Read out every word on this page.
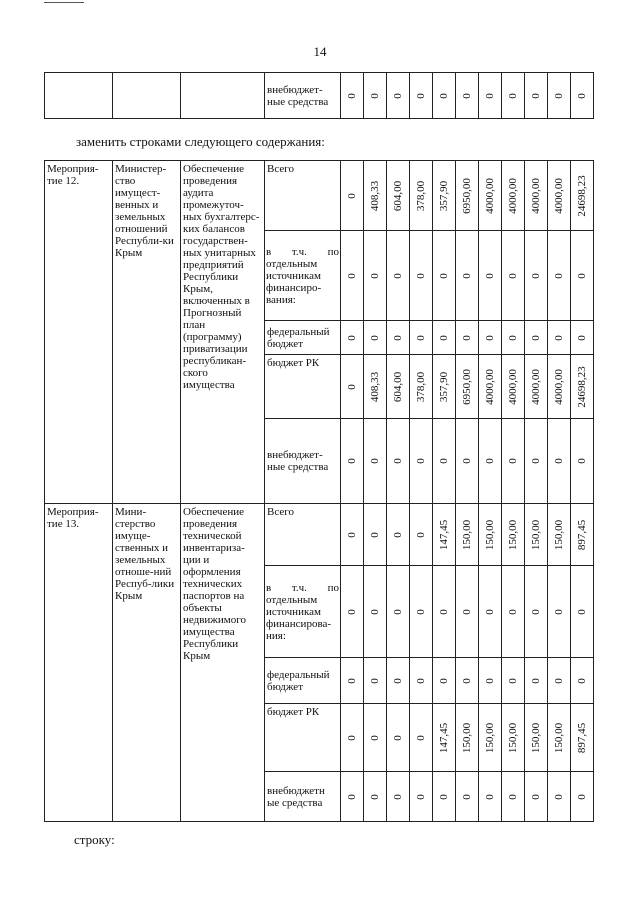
14
			внебюджет-ные средства	0	0	0	0	0	0	0	0	0	0	0
заменить строками следующего содержания:
Мероприя-тие 12.	Министер-ство имущест-венных и земельных отношений Республи-ки Крым	Обеспечение проведения аудита промежуточ-ных бухгалтерс-ких балансов государствен-ных унитарных предприятий Республики Крым, включенных в Прогнозный план (программу) приватизации республикан-ского имущества	Всего	0	408,33	604,00	378,00	357,90	6950,00	4000,00	4000,00	4000,00	4000,00	24698,23

			в т.ч. по отдельным источникам финансиро-вания:	0	0	0	0	0	0	0	0	0	0	0

			федеральный бюджет	0	0	0	0	0	0	0	0	0	0	0

			бюджет РК	0	408,33	604,00	378,00	357,90	6950,00	4000,00	4000,00	4000,00	4000,00	24698,23

			внебюджет-ные средства	0	0	0	0	0	0	0	0	0	0	0
Мероприя-тие 13.	Мини-стерство имуще-ственных и земельных отноше-ний Респуб-лики Крым	Обеспечение проведения технической инвентариза-ции и оформления технических паспортов на объекты недвижимого имущества Республики Крым	Всего	0	0	0	0	147,45	150,00	150,00	150,00	150,00	150,00	897,45

			в т.ч. по отдельным источникам финансирова-ния:	0	0	0	0	0	0	0	0	0	0	0

			федеральный бюджет	0	0	0	0	0	0	0	0	0	0	0

			бюджет РК	0	0	0	0	147,45	150,00	150,00	150,00	150,00	150,00	897,45

			внебюджетн ые средства	0	0	0	0	0	0	0	0	0	0	0
строку:
